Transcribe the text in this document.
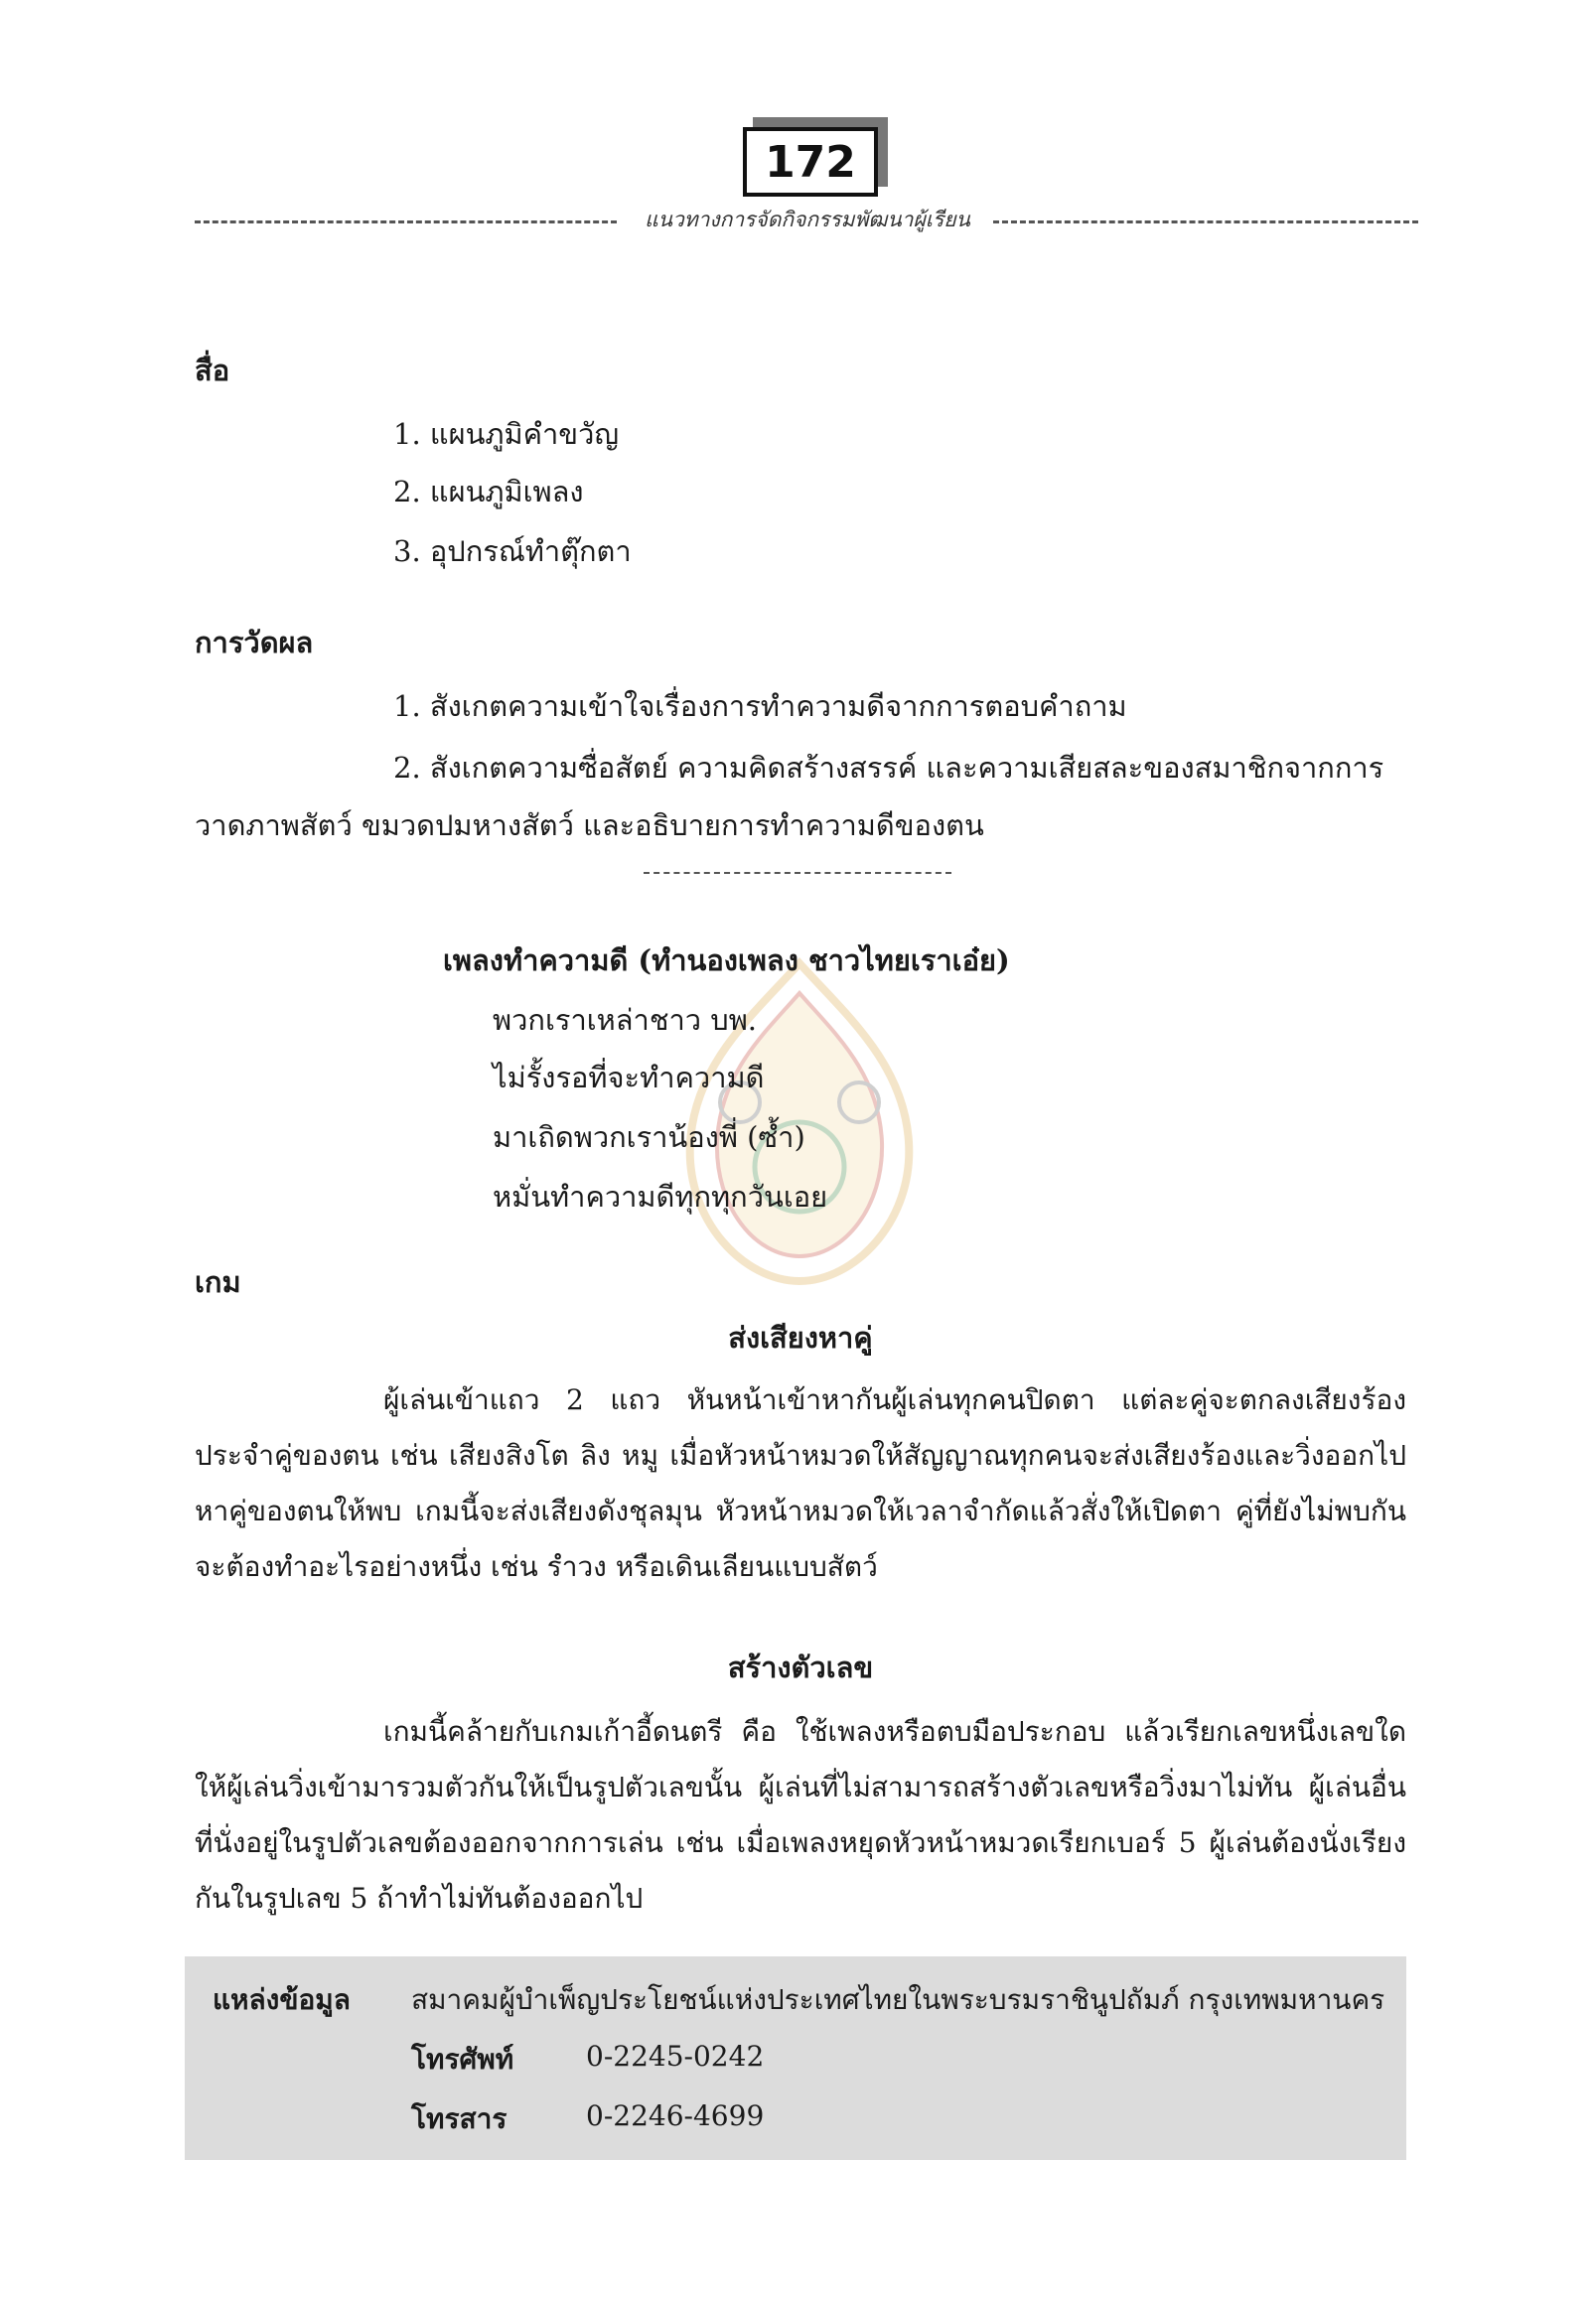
172
แนวทางการจัดกิจกรรมพัฒนาผู้เรียน
สื่อ
1. แผนภูมิคำขวัญ
2. แผนภูมิเพลง
3. อุปกรณ์ทำตุ๊กตา
การวัดผล
1. สังเกตความเข้าใจเรื่องการทำความดีจากการตอบคำถาม
2. สังเกตความซื่อสัตย์ ความคิดสร้างสรรค์ และความเสียสละของสมาชิกจากการ
วาดภาพสัตว์ ขมวดปมหางสัตว์ และอธิบายการทำความดีของตน
เพลงทำความดี (ทำนองเพลง ชาวไทยเราเอ๋ย)
พวกเราเหล่าชาว บพ.
ไม่รั้งรอที่จะทำความดี
มาเถิดพวกเราน้องพี่ (ซ้ำ)
หมั่นทำความดีทุกทุกวันเอย
เกม
ส่งเสียงหาคู่
ผู้เล่นเข้าแถว 2 แถว หันหน้าเข้าหากันผู้เล่นทุกคนปิดตา แต่ละคู่จะตกลงเสียงร้องประจำคู่ของตน เช่น เสียงสิงโต ลิง หมู เมื่อหัวหน้าหมวดให้สัญญาณทุกคนจะส่งเสียงร้องและวิ่งออกไปหาคู่ของตนให้พบ เกมนี้จะส่งเสียงดังชุลมุน หัวหน้าหมวดให้เวลาจำกัดแล้วสั่งให้เปิดตา คู่ที่ยังไม่พบกันจะต้องทำอะไรอย่างหนึ่ง เช่น รำวง หรือเดินเลียนแบบสัตว์
สร้างตัวเลข
เกมนี้คล้ายกับเกมเก้าอี้ดนตรี คือ ใช้เพลงหรือตบมือประกอบ แล้วเรียกเลขหนึ่งเลขใดให้ผู้เล่นวิ่งเข้ามารวมตัวกันให้เป็นรูปตัวเลขนั้น ผู้เล่นที่ไม่สามารถสร้างตัวเลขหรือวิ่งมาไม่ทัน ผู้เล่นอื่นที่นั่งอยู่ในรูปตัวเลขต้องออกจากการเล่น เช่น เมื่อเพลงหยุดหัวหน้าหมวดเรียกเบอร์ 5 ผู้เล่นต้องนั่งเรียงกันในรูปเลข 5 ถ้าทำไม่ทันต้องออกไป
แหล่งข้อมูล สมาคมผู้บำเพ็ญประโยชน์แห่งประเทศไทยในพระบรมราชินูปถัมภ์ กรุงเทพมหานคร
โทรศัพท์	0-2245-0242
โทรสาร	0-2246-4699
